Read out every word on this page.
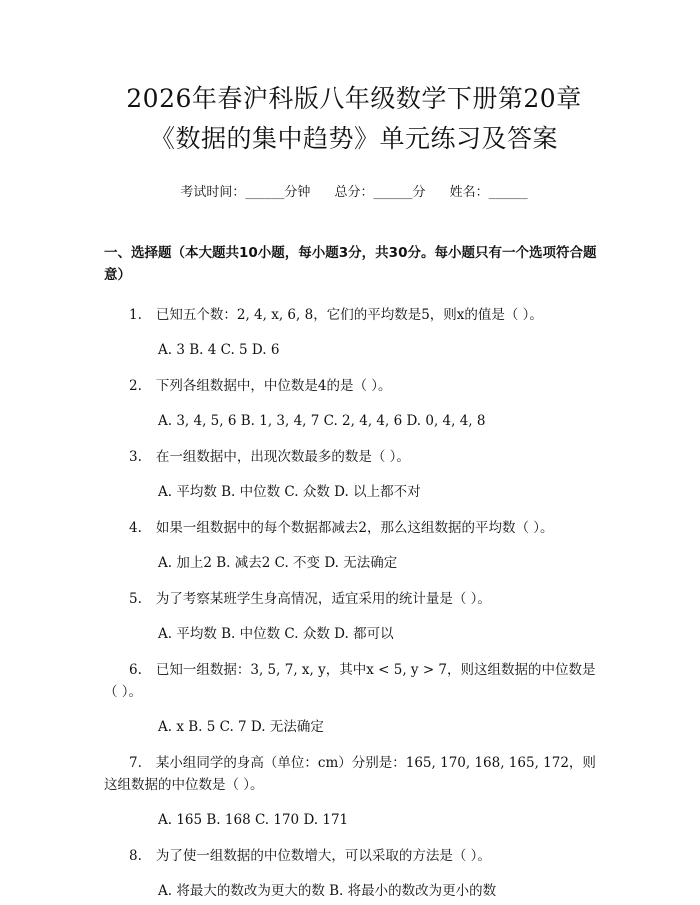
2026年春沪科版八年级数学下册第20章
《数据的集中趋势》单元练习及答案
考试时间：______分钟 总分：______分 姓名：______
一、选择题（本大题共10小题，每小题3分，共30分。每小题只有一个选项符合题意）

1. 已知五个数：2, 4, x, 6, 8，它们的平均数是5，则x的值是（ ）。

A. 3 B. 4 C. 5 D. 6

2. 下列各组数据中，中位数是4的是（ ）。

A. 3, 4, 5, 6 B. 1, 3, 4, 7 C. 2, 4, 4, 6 D. 0, 4, 4, 8

3. 在一组数据中，出现次数最多的数是（ ）。

A. 平均数 B. 中位数 C. 众数 D. 以上都不对

4. 如果一组数据中的每个数据都减去2，那么这组数据的平均数（ ）。

A. 加上2 B. 减去2 C. 不变 D. 无法确定

5. 为了考察某班学生身高情况，适宜采用的统计量是（ ）。

A. 平均数 B. 中位数 C. 众数 D. 都可以

6. 已知一组数据：3, 5, 7, x, y，其中x < 5, y > 7，则这组数据的中位数是（ ）。

A. x B. 5 C. 7 D. 无法确定

7. 某小组同学的身高（单位：cm）分别是：165, 170, 168, 165, 172，则这组数据的中位数是（ ）。

A. 165 B. 168 C. 170 D. 171

8. 为了使一组数据的中位数增大，可以采取的方法是（ ）。

A. 将最大的数改为更大的数 B. 将最小的数改为更小的数
